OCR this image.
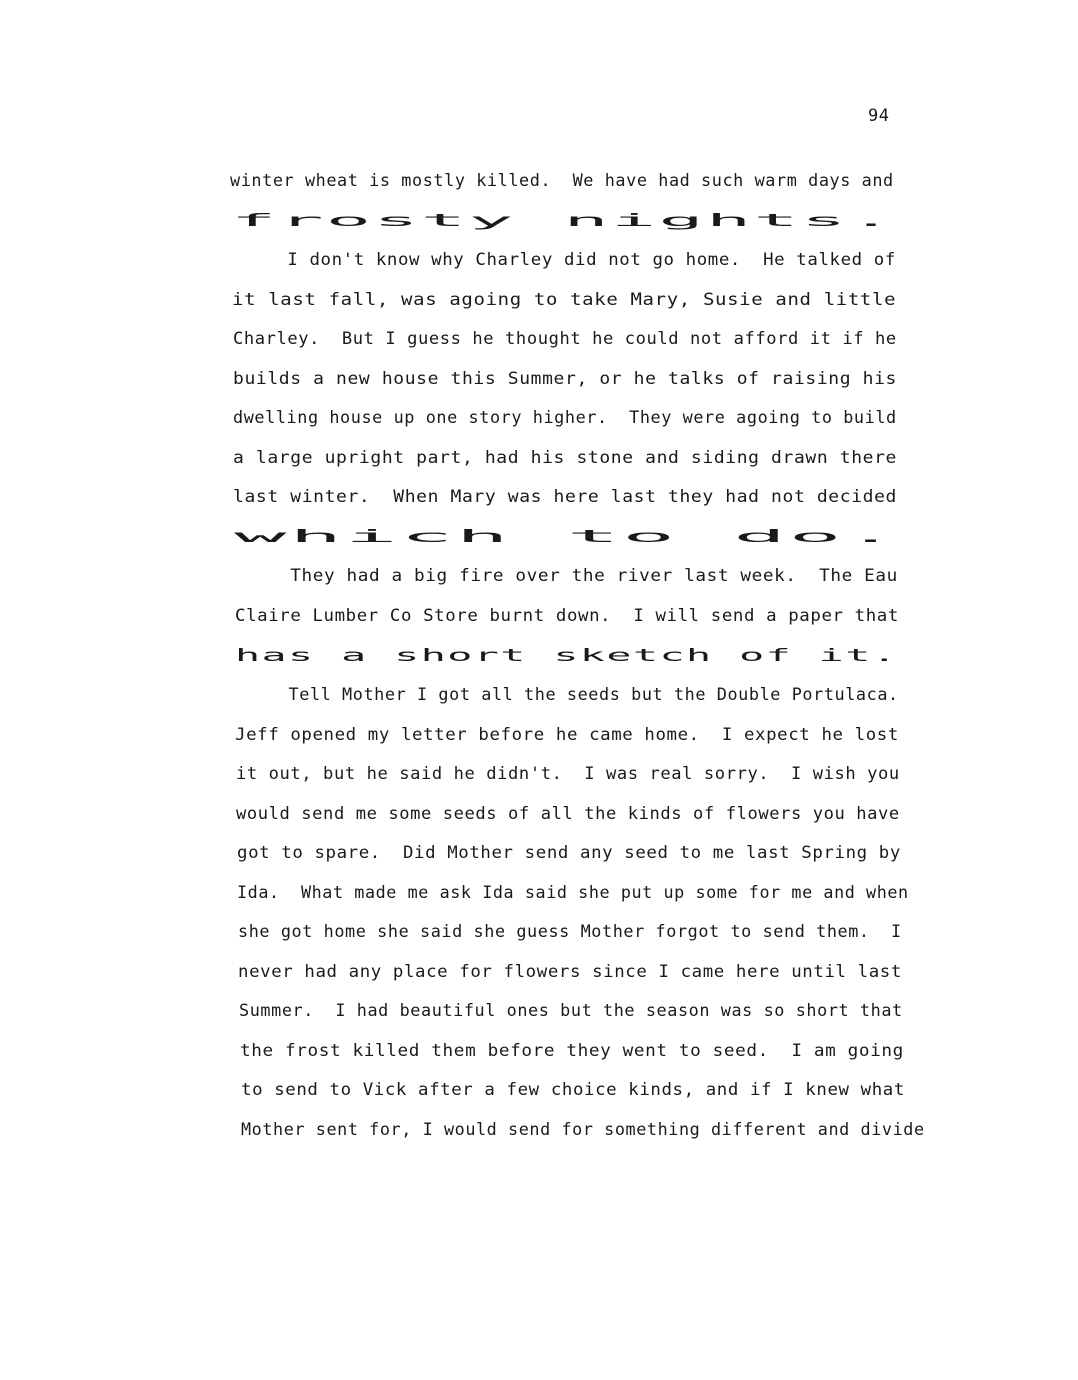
94
winter wheat is mostly killed.  We have had such warm days and
frosty nights.
I don't know why Charley did not go home.  He talked of
it last fall, was agoing to take Mary, Susie and little
Charley.  But I guess he thought he could not afford it if he
builds a new house this Summer, or he talks of raising his
dwelling house up one story higher.  They were agoing to build
a large upright part, had his stone and siding drawn there
last winter.  When Mary was here last they had not decided
which to do.
They had a big fire over the river last week.  The Eau
Claire Lumber Co Store burnt down.  I will send a paper that
has a short sketch of it.
Tell Mother I got all the seeds but the Double Portulaca.
Jeff opened my letter before he came home.  I expect he lost
it out, but he said he didn't.  I was real sorry.  I wish you
would send me some seeds of all the kinds of flowers you have
got to spare.  Did Mother send any seed to me last Spring by
Ida.  What made me ask Ida said she put up some for me and when
she got home she said she guess Mother forgot to send them.  I
never had any place for flowers since I came here until last
Summer.  I had beautiful ones but the season was so short that
the frost killed them before they went to seed.  I am going
to send to Vick after a few choice kinds, and if I knew what
Mother sent for, I would send for something different and divide
